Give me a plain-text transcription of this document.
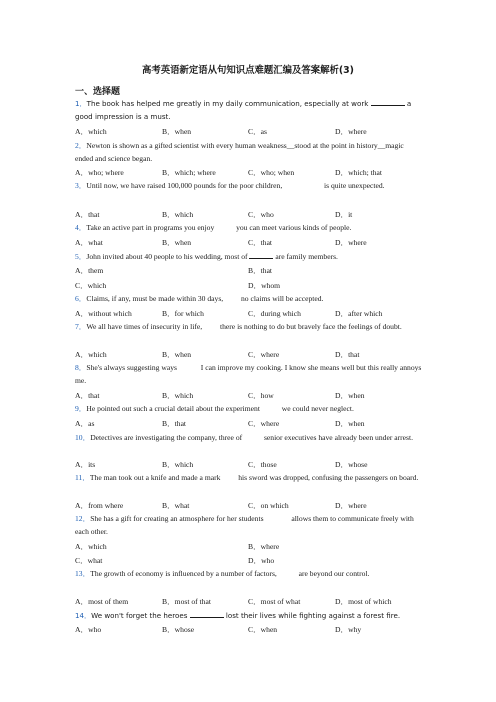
高考英语新定语从句知识点难题汇编及答案解析(3)
一、选择题
1．The book has helped me greatly in my daily communication, especially at work	a good impression is a must.
A．which	B．when	C．as	D．where
2．Newton is shown as a gifted scientist with every human weakness__stood at the point in history__magic ended and science began.
A．who; where	B．which; where	C．who; when	D．which; that
3．Until now, we have raised 100,000 pounds for the poor children,	is quite unexpected.
A．that	B．which	C．who	D．it
4．Take an active part in programs you enjoy  you can meet various kinds of people.
A．what	B．when	C．that	D．where
5．John invited about 40 people to his wedding, most of	are family members.
A．them	B．that
C．which	D．whom
6．Claims, if any, must be made within 30 days,  no claims will be accepted.
A．without which	B．for which	C．during which	D．after which
7．We all have times of insecurity in life,  there is nothing to do but bravely face the feelings of doubt.
A．which	B．when	C．where	D．that
8．She's always suggesting ways	I can improve my cooking. I know she means well but this really annoys me.
A．that	B．which	C．how	D．when
9．He pointed out such a crucial detail about the experiment  we could never neglect.
A．as	B．that	C．where	D．when
10．Detectives are investigating the company, three of  senior executives have already been under arrest.
A．its	B．which	C．those	D．whose
11．The man took out a knife and made a mark  his sword was dropped, confusing the passengers on board.
A．from where	B．what	C．on which	D．where
12．She has a gift for creating an atmosphere for her students	allows them to communicate freely with each other.
A．which	B．where
C．what	D．who
13．The growth of economy is influenced by a number of factors,  are beyond our control.
A．most of them	B．most of that	C．most of what	D．most of which
14．We won't forget the heroes	lost their lives while fighting against a forest fire.
A．who	B．whose	C．when	D．why
